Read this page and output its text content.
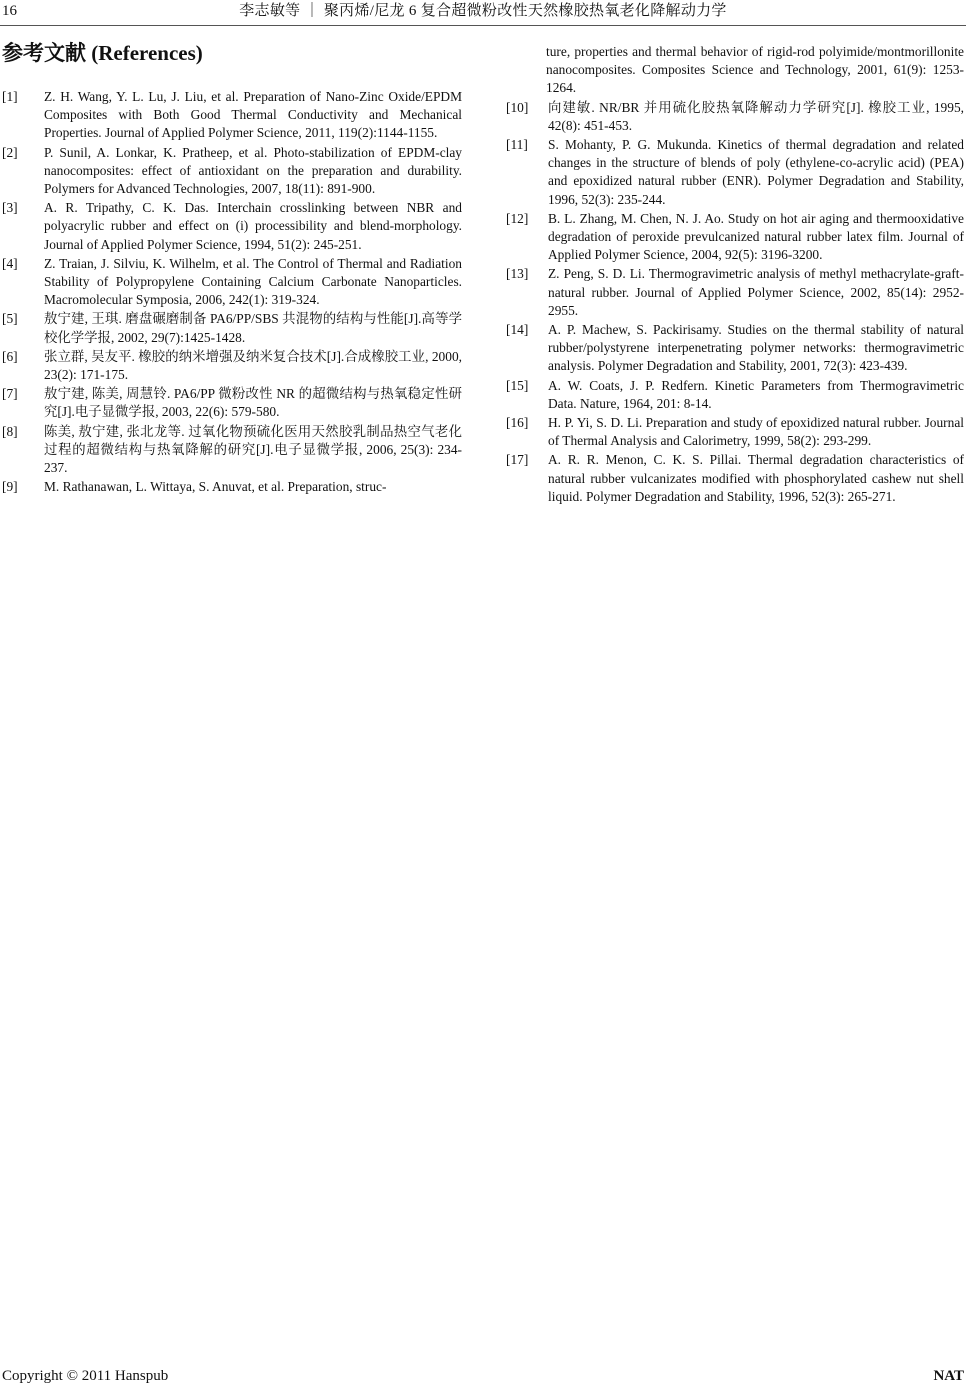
16	李志敏等 ｜ 聚丙烯/尼龙 6 复合超微粉改性天然橡胶热氧老化降解动力学
参考文献 (References)
[1]	Z. H. Wang, Y. L. Lu, J. Liu, et al. Preparation of Nano-Zinc Oxide/EPDM Composites with Both Good Thermal Conductivity and Mechanical Properties. Journal of Applied Polymer Science, 2011, 119(2):1144-1155.
[2]	P. Sunil, A. Lonkar, K. Pratheep, et al. Photo-stabilization of EPDM-clay nanocomposites: effect of antioxidant on the preparation and durability. Polymers for Advanced Technologies, 2007, 18(11): 891-900.
[3]	A. R. Tripathy, C. K. Das. Interchain crosslinking between NBR and polyacrylic rubber and effect on (i) processibility and blend-morphology. Journal of Applied Polymer Science, 1994, 51(2): 245-251.
[4]	Z. Traian, J. Silviu, K. Wilhelm, et al. The Control of Thermal and Radiation Stability of Polypropylene Containing Calcium Carbonate Nanoparticles. Macromolecular Symposia, 2006, 242(1): 319-324.
[5]	敖宁建, 王琪. 磨盘碾磨制备 PA6/PP/SBS 共混物的结构与性能[J].高等学校化学学报, 2002, 29(7):1425-1428.
[6]	张立群, 吴友平. 橡胶的纳米增强及纳米复合技术[J].合成橡胶工业, 2000, 23(2): 171-175.
[7]	敖宁建, 陈美, 周慧铃. PA6/PP 微粉改性 NR 的超微结构与热氧稳定性研究[J].电子显微学报, 2003, 22(6): 579-580.
[8]	陈美, 敖宁建, 张北龙等. 过氧化物预硫化医用天然胶乳制品热空气老化过程的超微结构与热氧降解的研究[J].电子显微学报, 2006, 25(3): 234-237.
[9]	M. Rathanawan, L. Wittaya, S. Anuvat, et al. Preparation, struc-
ture, properties and thermal behavior of rigid-rod polyimide/montmorillonite nanocomposites. Composites Science and Technology, 2001, 61(9): 1253-1264.
[10]	向建敏. NR/BR 并用硫化胶热氧降解动力学研究[J]. 橡胶工业, 1995, 42(8): 451-453.
[11]	S. Mohanty, P. G. Mukunda. Kinetics of thermal degradation and related changes in the structure of blends of poly (ethylene-co-acrylic acid) (PEA) and epoxidized natural rubber (ENR). Polymer Degradation and Stability, 1996, 52(3): 235-244.
[12]	B. L. Zhang, M. Chen, N. J. Ao. Study on hot air aging and thermooxidative degradation of peroxide prevulcanized natural rubber latex film. Journal of Applied Polymer Science, 2004, 92(5): 3196-3200.
[13]	Z. Peng, S. D. Li. Thermogravimetric analysis of methyl methacrylate-graft-natural rubber. Journal of Applied Polymer Science, 2002, 85(14): 2952-2955.
[14]	A. P. Machew, S. Packirisamy. Studies on the thermal stability of natural rubber/polystyrene interpenetrating polymer networks: thermogravimetric analysis. Polymer Degradation and Stability, 2001, 72(3): 423-439.
[15]	A. W. Coats, J. P. Redfern. Kinetic Parameters from Thermogravimetric Data. Nature, 1964, 201: 8-14.
[16]	H. P. Yi, S. D. Li. Preparation and study of epoxidized natural rubber. Journal of Thermal Analysis and Calorimetry, 1999, 58(2): 293-299.
[17]	A. R. R. Menon, C. K. S. Pillai. Thermal degradation characteristics of natural rubber vulcanizates modified with phosphorylated cashew nut shell liquid. Polymer Degradation and Stability, 1996, 52(3): 265-271.
Copyright © 2011 Hanspub	NAT
